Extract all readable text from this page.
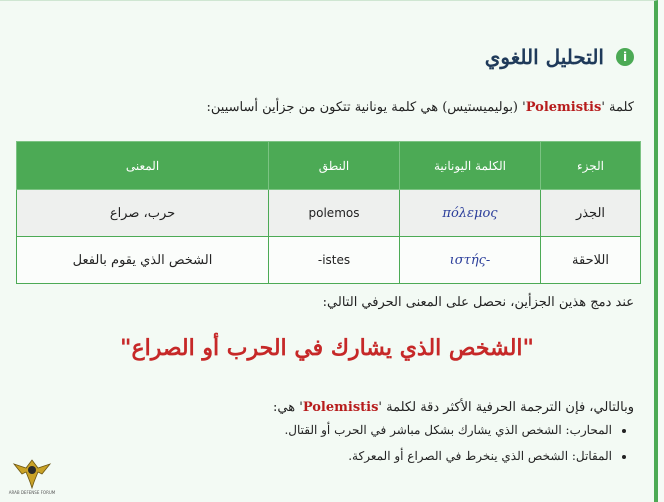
i
التحليل اللغوي
كلمة 'Polemistis' (بوليميستيس) هي كلمة يونانية تتكون من جزأين أساسيين:
الجزء	الكلمة اليونانية	النطق	المعنى
الجذر	πόλεμος	polemos	حرب، صراع
اللاحقة	-ιστής	-istes	الشخص الذي يقوم بالفعل
عند دمج هذين الجزأين، نحصل على المعنى الحرفي التالي:
"الشخص الذي يشارك في الحرب أو الصراع"
وبالتالي، فإن الترجمة الحرفية الأكثر دقة لكلمة 'Polemistis' هي:
• المحارب: الشخص الذي يشارك بشكل مباشر في الحرب أو القتال.
• المقاتل: الشخص الذي ينخرط في الصراع أو المعركة.
ARAB DEFENSE FORUM
